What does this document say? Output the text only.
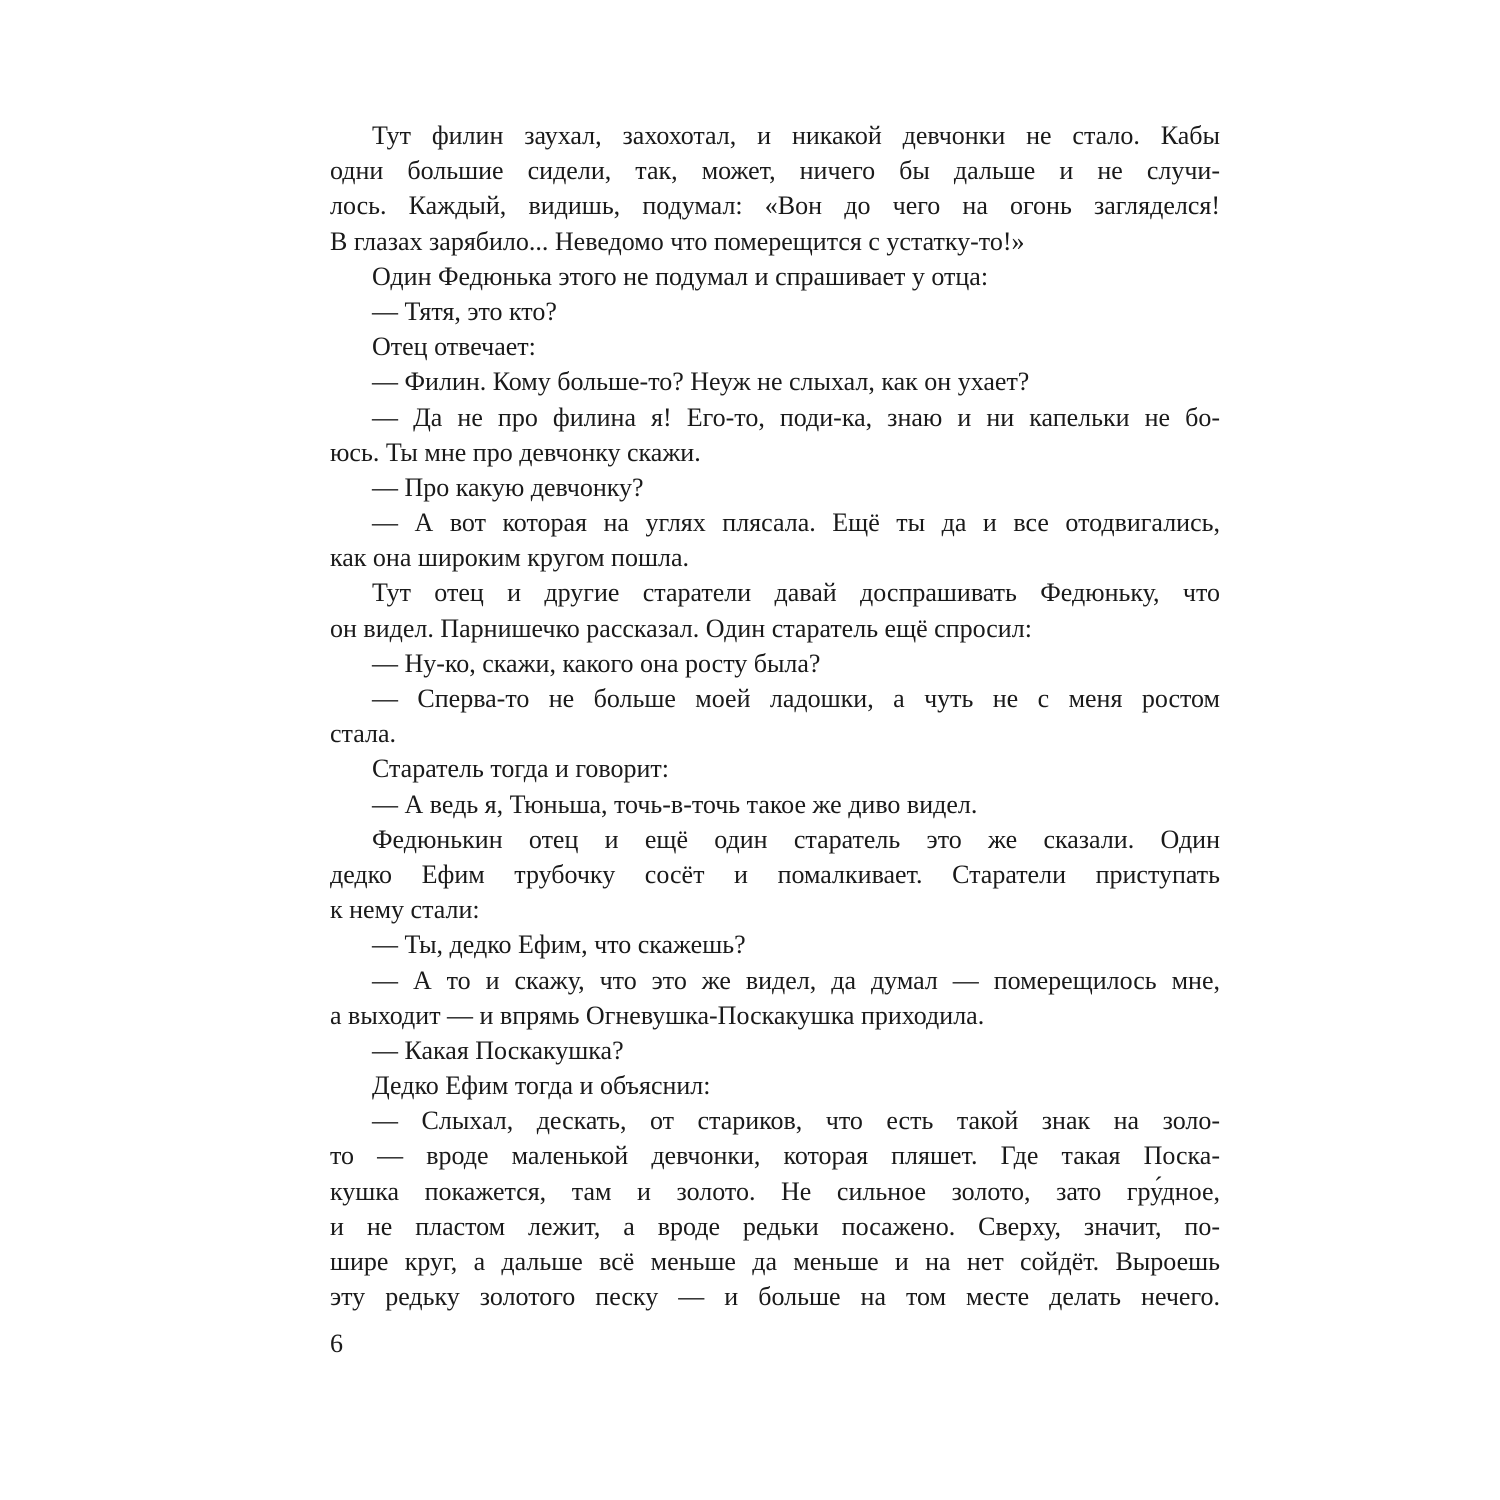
Тут филин заухал, захохотал, и никакой девчонки не стало. Кабы
одни большие сидели, так, может, ничего бы дальше и не случи-
лось. Каждый, видишь, подумал: «Вон до чего на огонь загляделся!
В глазах зарябило... Неведомо что померещится с устатку-то!»
Один Федюнька этого не подумал и спрашивает у отца:
— Тятя, это кто?
Отец отвечает:
— Филин. Кому больше-то? Неуж не слыхал, как он ухает?
— Да не про филина я! Его-то, поди-ка, знаю и ни капельки не бо-
юсь. Ты мне про девчонку скажи.
— Про какую девчонку?
— А вот которая на углях плясала. Ещё ты да и все отодвигались,
как она широким кругом пошла.
Тут отец и другие старатели давай доспрашивать Федюньку, что
он видел. Парнишечко рассказал. Один старатель ещё спросил:
— Ну-ко, скажи, какого она росту была?
— Сперва-то не больше моей ладошки, а чуть не с меня ростом
стала.
Старатель тогда и говорит:
— А ведь я, Тюньша, точь-в-точь такое же диво видел.
Федюнькин отец и ещё один старатель это же сказали. Один
дедко Ефим трубочку сосёт и помалкивает. Старатели приступать
к нему стали:
— Ты, дедко Ефим, что скажешь?
— А то и скажу, что это же видел, да думал — померещилось мне,
а выходит — и впрямь Огневушка-Поскакушка приходила.
— Какая Поскакушка?
Дедко Ефим тогда и объяснил:
— Слыхал, дескать, от стариков, что есть такой знак на золо-
то — вроде маленькой девчонки, которая пляшет. Где такая Поска-
кушка покажется, там и золото. Не сильное золото, зато гру́дное,
и не пластом лежит, а вроде редьки посажено. Сверху, значит, по-
шире круг, а дальше всё меньше да меньше и на нет сойдёт. Выроешь
эту редьку золотого песку — и больше на том месте делать нечего.
6
